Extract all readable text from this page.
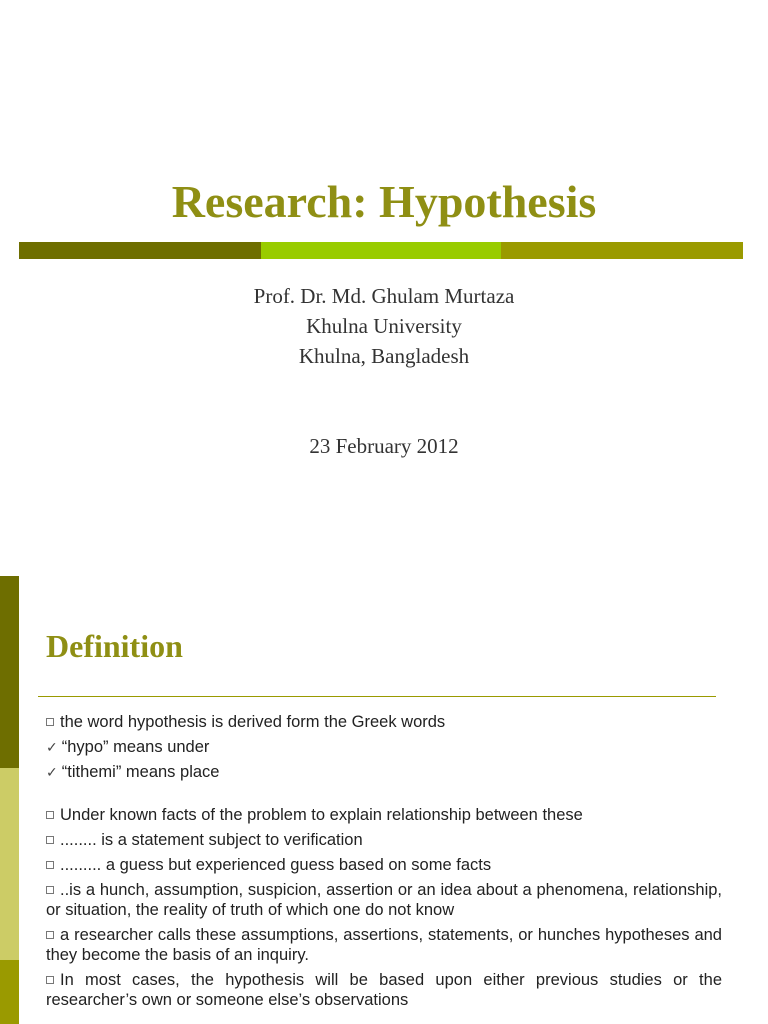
Research: Hypothesis
Prof. Dr. Md. Ghulam Murtaza
Khulna University
Khulna, Bangladesh
23 February 2012
Definition

the word hypothesis is derived form the Greek words

✓ “hypo” means under

✓ “tithemi” means place

Under known facts of the problem to explain relationship between these

........ is a statement subject to verification

......... a guess but experienced guess based on some facts

..is a hunch, assumption, suspicion, assertion or an idea about a phenomena, relationship, or situation, the reality of truth of which one do not know

a researcher calls these assumptions, assertions, statements, or hunches hypotheses and they become the basis of an inquiry.

In most cases, the hypothesis will be based upon either previous studies or the researcher’s own or someone else’s observations
